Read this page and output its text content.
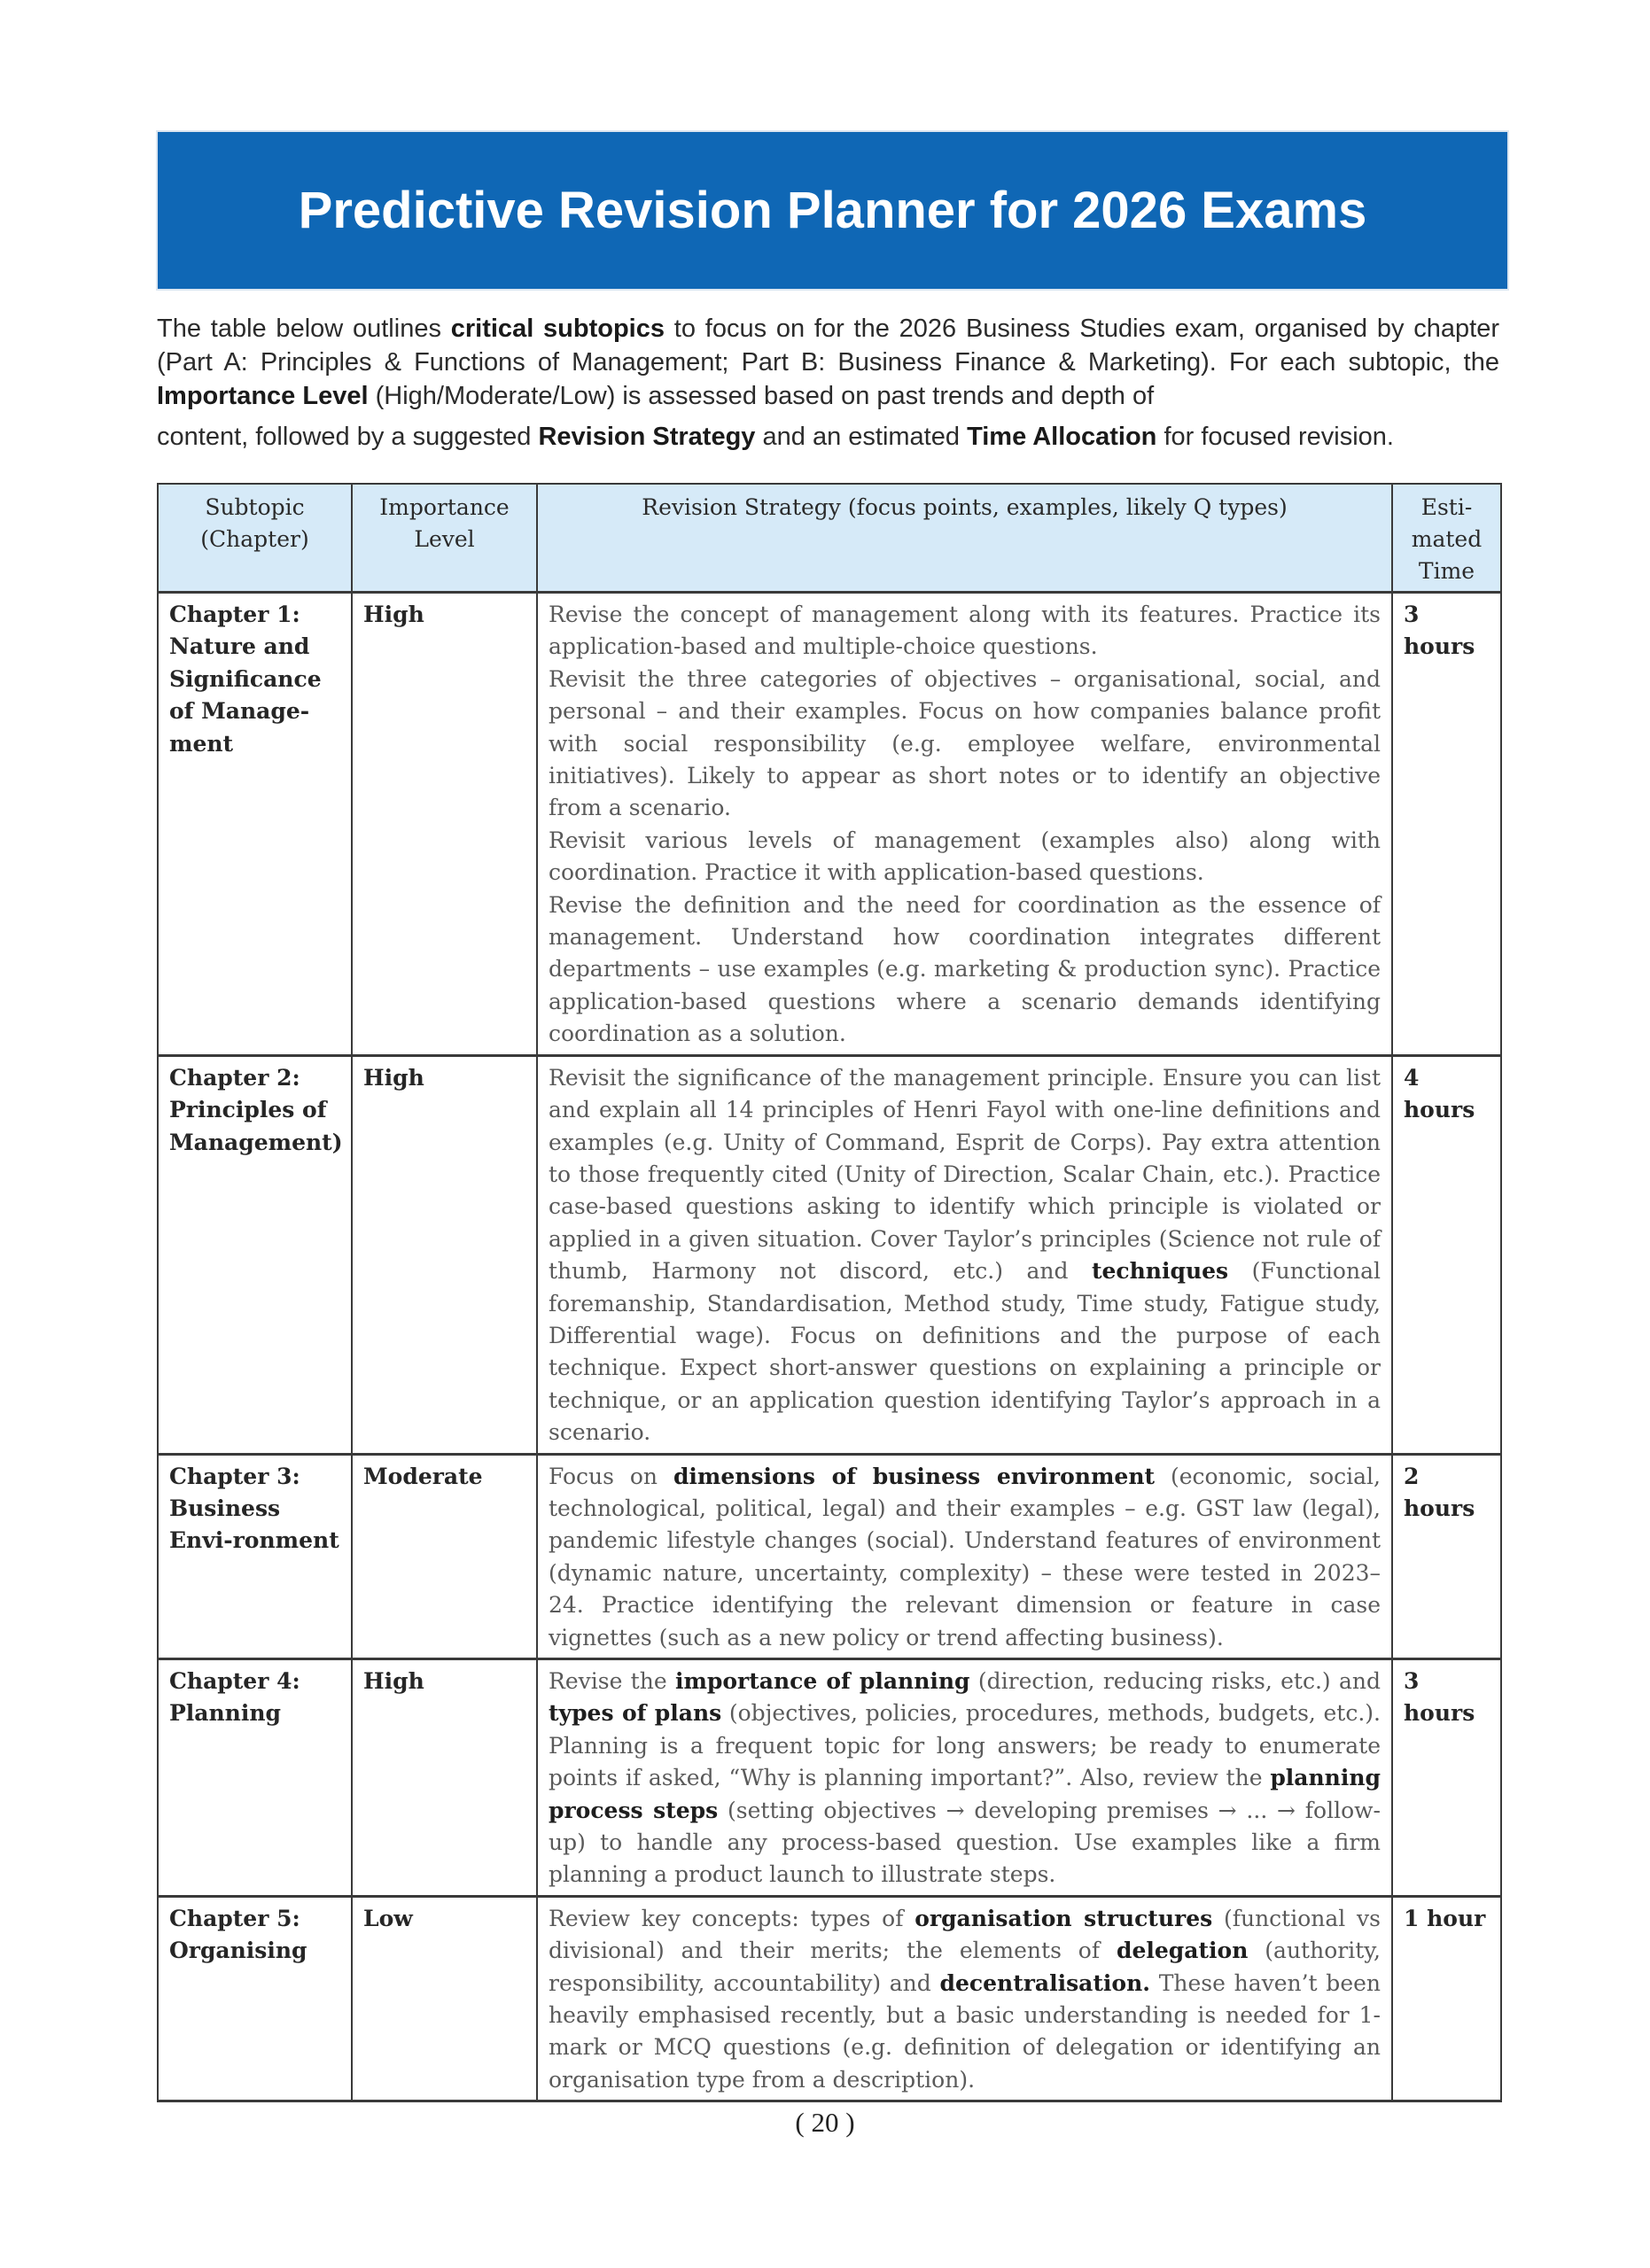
Predictive Revision Planner for 2026 Exams

The table below outlines critical subtopics to focus on for the 2026 Business Studies exam, organised by chapter (Part A: Principles & Functions of Management; Part B: Business Finance & Marketing). For each subtopic, the Importance Level (High/Moderate/Low) is assessed based on past trends and depth of
content, followed by a suggested Revision Strategy and an estimated Time Allocation for focused revision.

Subtopic
(Chapter)	Importance
Level	Revision Strategy (focus points, examples, likely Q types)	Esti-
mated
Time
Chapter 1: Nature and Significance of Manage-ment	High	Revise the concept of management along with its features. Practice its application-based and multiple-choice questions.

Revisit the three categories of objectives – organisational, social, and personal – and their examples. Focus on how companies balance profit with social responsibility (e.g. employee welfare, environmental initiatives). Likely to appear as short notes or to identify an objective from a scenario.

Revisit various levels of management (examples also) along with coordination. Practice it with application-based questions.

Revise the definition and the need for coordination as the essence of management. Understand how coordination integrates different departments – use examples (e.g. marketing & production sync). Practice application-based questions where a scenario demands identifying coordination as a solution.	3 hours
Chapter 2: Principles of Management)	High	Revisit the significance of the management principle. Ensure you can list and explain all 14 principles of Henri Fayol with one-line definitions and examples (e.g. Unity of Command, Esprit de Corps). Pay extra attention to those frequently cited (Unity of Direction, Scalar Chain, etc.). Practice case-based questions asking to identify which principle is violated or applied in a given situation. Cover Taylor’s principles (Science not rule of thumb, Harmony not discord, etc.) and techniques (Functional foremanship, Standardisation, Method study, Time study, Fatigue study, Differential wage). Focus on definitions and the purpose of each technique. Expect short-answer questions on explaining a principle or technique, or an application question identifying Taylor’s approach in a scenario.	4 hours
Chapter 3: Business Envi-ronment	Moderate	Focus on dimensions of business environment (economic, social, technological, political, legal) and their examples – e.g. GST law (legal), pandemic lifestyle changes (social). Understand features of environment (dynamic nature, uncertainty, complexity) – these were tested in 2023–24. Practice identifying the relevant dimension or feature in case vignettes (such as a new policy or trend affecting business).	2 hours
Chapter 4: Planning	High	Revise the importance of planning (direction, reducing risks, etc.) and types of plans (objectives, policies, procedures, methods, budgets, etc.). Planning is a frequent topic for long answers; be ready to enumerate points if asked, “Why is planning important?”. Also, review the planning process steps (setting objectives → developing premises → ... → follow-up) to handle any process-based question. Use examples like a firm planning a product launch to illustrate steps.	3 hours
Chapter 5: Organising	Low	Review key concepts: types of organisation structures (functional vs divisional) and their merits; the elements of delegation (authority, responsibility, accountability) and decentralisation. These haven’t been heavily emphasised recently, but a basic understanding is needed for 1-mark or MCQ questions (e.g. definition of delegation or identifying an organisation type from a description).	1 hour
( 20 )
